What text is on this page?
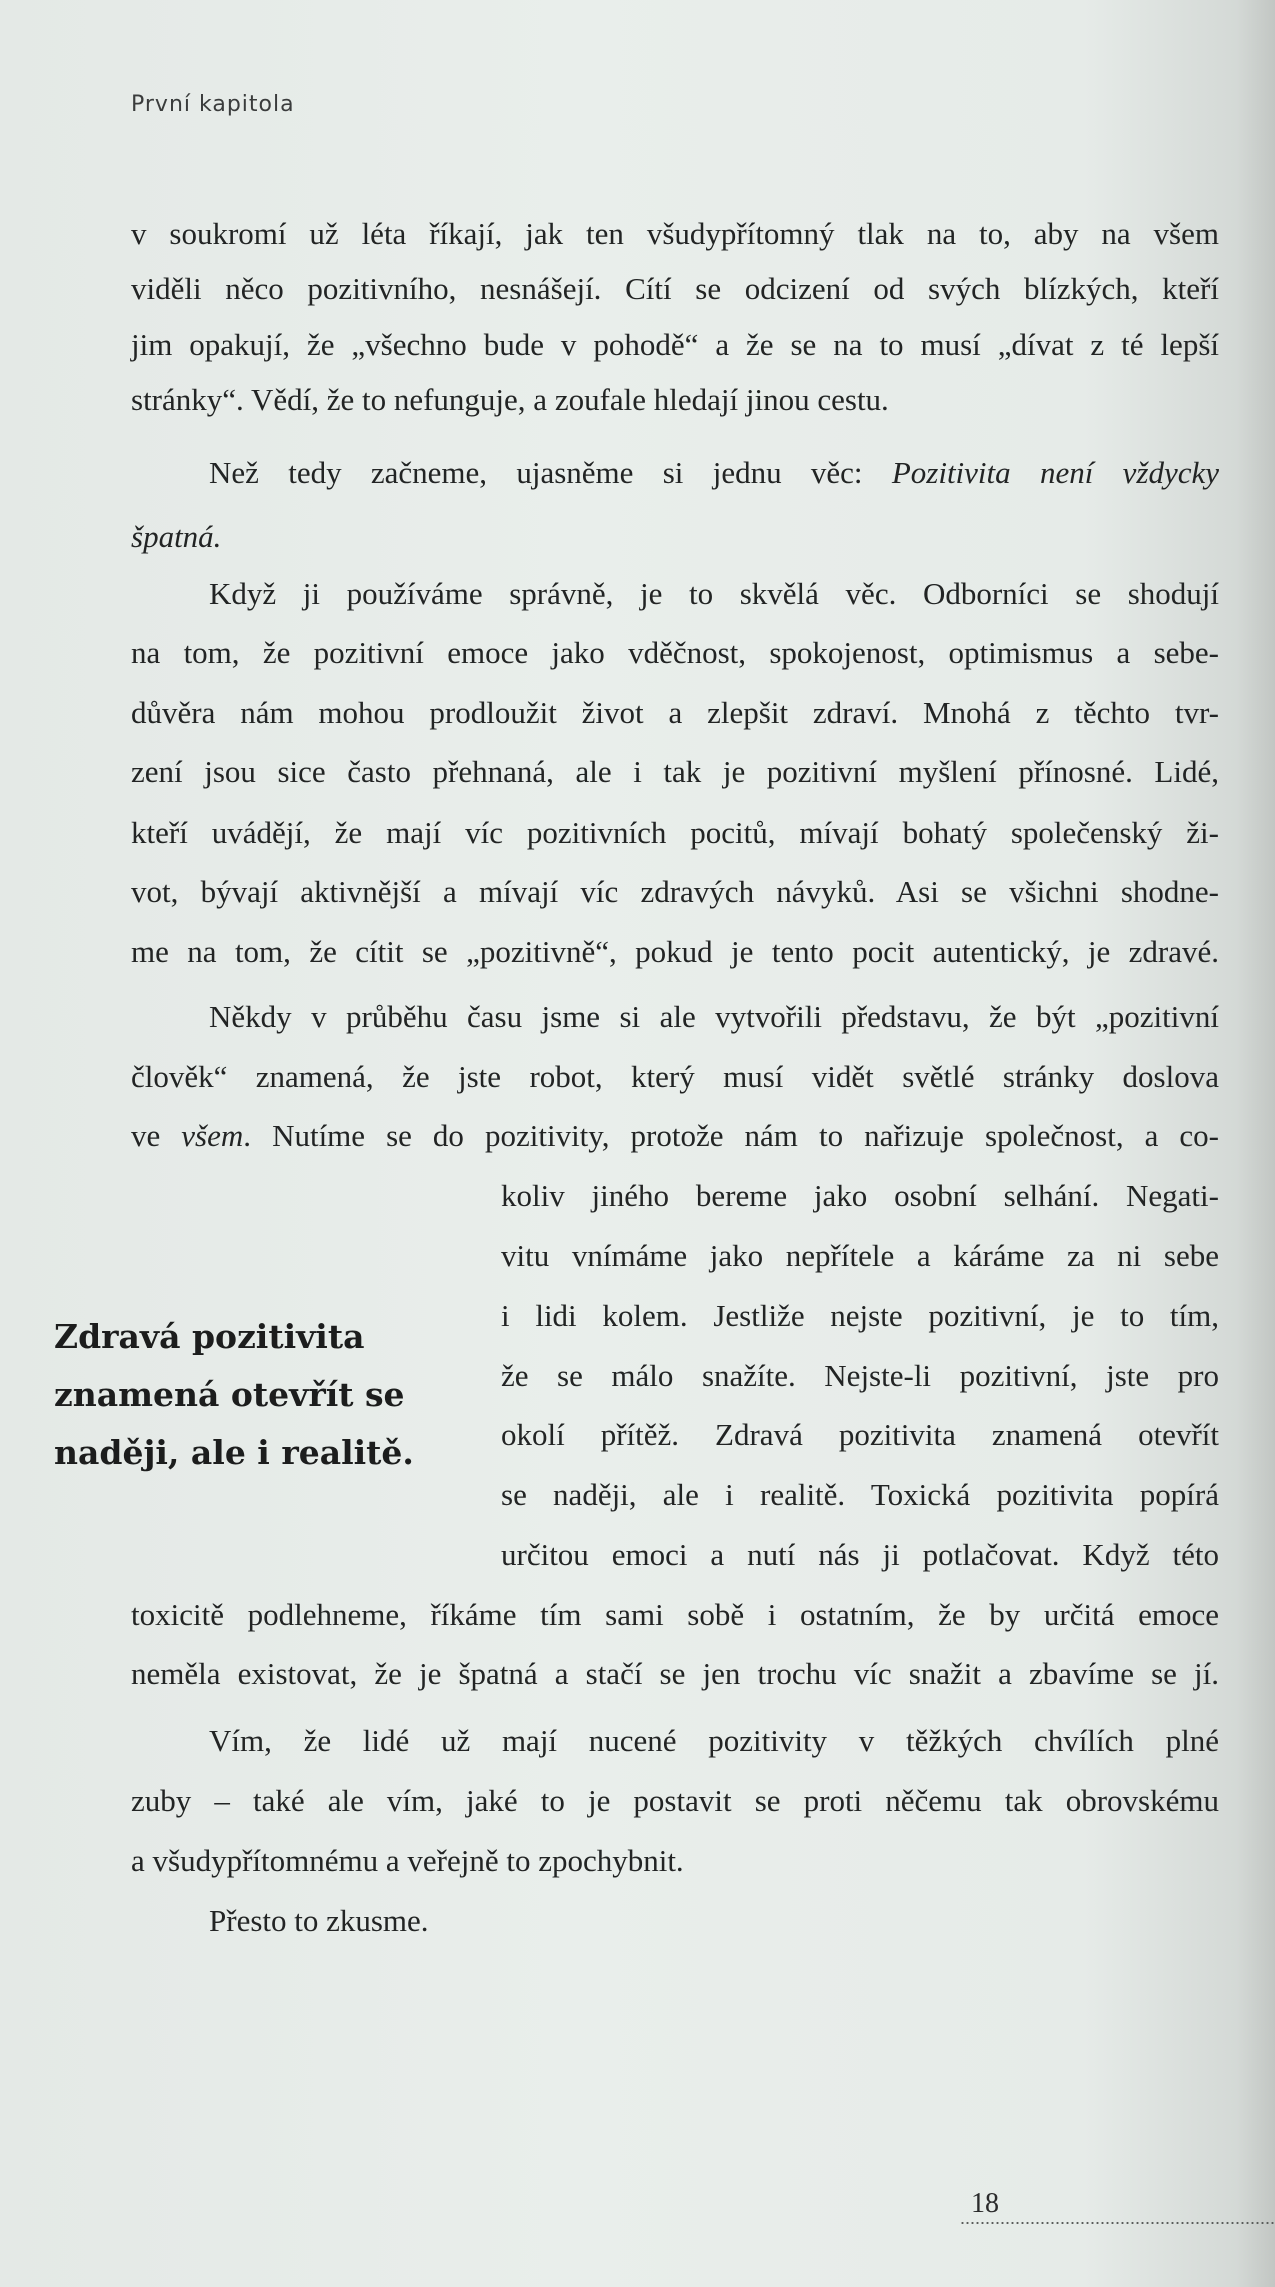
První kapitola
v soukromí už léta říkají, jak ten všudypřítomný tlak na to, aby na všem
viděli něco pozitivního, nesnášejí. Cítí se odcizení od svých blízkých, kteří
jim opakují, že „všechno bude v pohodě“ a že se na to musí „dívat z té lepší
stránky“. Vědí, že to nefunguje, a zoufale hledají jinou cestu.
Než tedy začneme, ujasněme si jednu věc: Pozitivita není vždycky
špatná.
Když ji používáme správně, je to skvělá věc. Odborníci se shodují
na tom, že pozitivní emoce jako vděčnost, spokojenost, optimismus a sebe-
důvěra nám mohou prodloužit život a zlepšit zdraví. Mnohá z těchto tvr-
zení jsou sice často přehnaná, ale i tak je pozitivní myšlení přínosné. Lidé,
kteří uvádějí, že mají víc pozitivních pocitů, mívají bohatý společenský ži-
vot, bývají aktivnější a mívají víc zdravých návyků. Asi se všichni shodne-
me na tom, že cítit se „pozitivně“, pokud je tento pocit autentický, je zdravé.
Někdy v průběhu času jsme si ale vytvořili představu, že být „pozitivní
člověk“ znamená, že jste robot, který musí vidět světlé stránky doslova
ve všem. Nutíme se do pozitivity, protože nám to nařizuje společnost, a co-
koliv jiného bereme jako osobní selhání. Negati-
vitu vnímáme jako nepřítele a káráme za ni sebe
i lidi kolem. Jestliže nejste pozitivní, je to tím,
že se málo snažíte. Nejste-li pozitivní, jste pro
okolí přítěž. Zdravá pozitivita znamená otevřít
se naději, ale i realitě. Toxická pozitivita popírá
určitou emoci a nutí nás ji potlačovat. Když této
toxicitě podlehneme, říkáme tím sami sobě i ostatním, že by určitá emoce
neměla existovat, že je špatná a stačí se jen trochu víc snažit a zbavíme se jí.
Vím, že lidé už mají nucené pozitivity v těžkých chvílích plné
zuby – také ale vím, jaké to je postavit se proti něčemu tak obrovskému
a všudypřítomnému a veřejně to zpochybnit.
Přesto to zkusme.
Zdravá pozitivita
znamená otevřít se
naději, ale i realitě.
18
